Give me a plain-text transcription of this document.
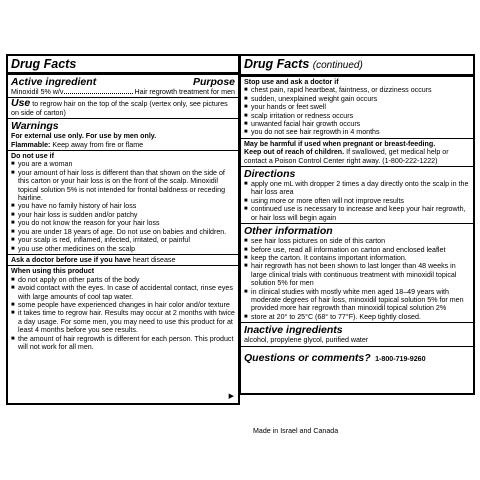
Drug Facts
Active ingredient	Purpose
Minoxidil 5% w/v	Hair regrowth treatment for men
Use to regrow hair on the top of the scalp (vertex only, see pictures on side of carton)
Warnings
For external use only. For use by men only.
Flammable: Keep away from fire or flame
Do not use if
■ you are a woman
■ your amount of hair loss is different than that shown on the side of this carton or your hair loss is on the front of the scalp. Minoxidil topical solution 5% is not intended for frontal baldness or receding hairline.
■ you have no family history of hair loss
■ your hair loss is sudden and/or patchy
■ you do not know the reason for your hair loss
■ you are under 18 years of age. Do not use on babies and children.
■ your scalp is red, inflamed, infected, irritated, or painful
■ you use other medicines on the scalp
Ask a doctor before use if you have heart disease
When using this product
■ do not apply on other parts of the body
■ avoid contact with the eyes. In case of accidental contact, rinse eyes with large amounts of cool tap water.
■ some people have experienced changes in hair color and/or texture
■ it takes time to regrow hair. Results may occur at 2 months with twice a day usage. For some men, you may need to use this product for at least 4 months before you see results.
■ the amount of hair regrowth is different for each person. This product will not work for all men.
▶
Drug Facts (continued)
Stop use and ask a doctor if
■ chest pain, rapid heartbeat, faintness, or dizziness occurs
■ sudden, unexplained weight gain occurs
■ your hands or feet swell
■ scalp irritation or redness occurs
■ unwanted facial hair growth occurs
■ you do not see hair regrowth in 4 months
May be harmful if used when pregnant or breast-feeding.
Keep out of reach of children. If swallowed, get medical help or contact a Poison Control Center right away. (1-800-222-1222)
Directions
■ apply one mL with dropper 2 times a day directly onto the scalp in the hair loss area
■ using more or more often will not improve results
■ continued use is necessary to increase and keep your hair regrowth, or hair loss will begin again
Other information
■ see hair loss pictures on side of this carton
■ before use, read all information on carton and enclosed leaflet
■ keep the carton. It contains important information.
■ hair regrowth has not been shown to last longer than 48 weeks in large clinical trials with continuous treatment with minoxidil topical solution 5% for men
■ in clinical studies with mostly white men aged 18–49 years with moderate degrees of hair loss, minoxidil topical solution 5% for men provided more hair regrowth than minoxidil topical solution 2%
■ store at 20° to 25°C (68° to 77°F). Keep tightly closed.
Inactive ingredients
alcohol, propylene glycol, purified water
Questions or comments? 1-800-719-9260
Made in Israel and Canada
